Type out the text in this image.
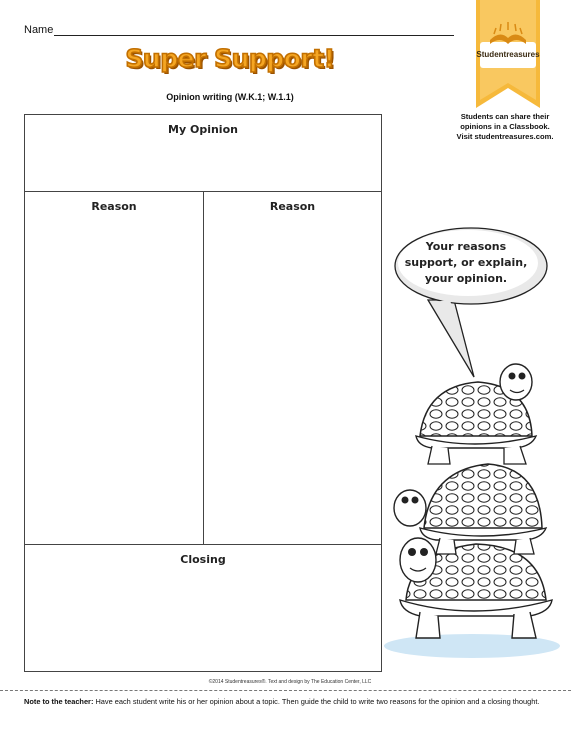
Name
Super Support!
Opinion writing (W.K.1; W.1.1)
Studentreasures
Students can share their
opinions in a Classbook.
Visit studentreasures.com.
My Opinion
Reason	Reason
Closing
Your reasons
support, or explain,
your opinion.
©2014 Studentreasures®. Text and design by The Education Center, LLC
Note to the teacher: Have each student write his or her opinion about a topic. Then guide the child to write two reasons for the opinion and a closing thought.
